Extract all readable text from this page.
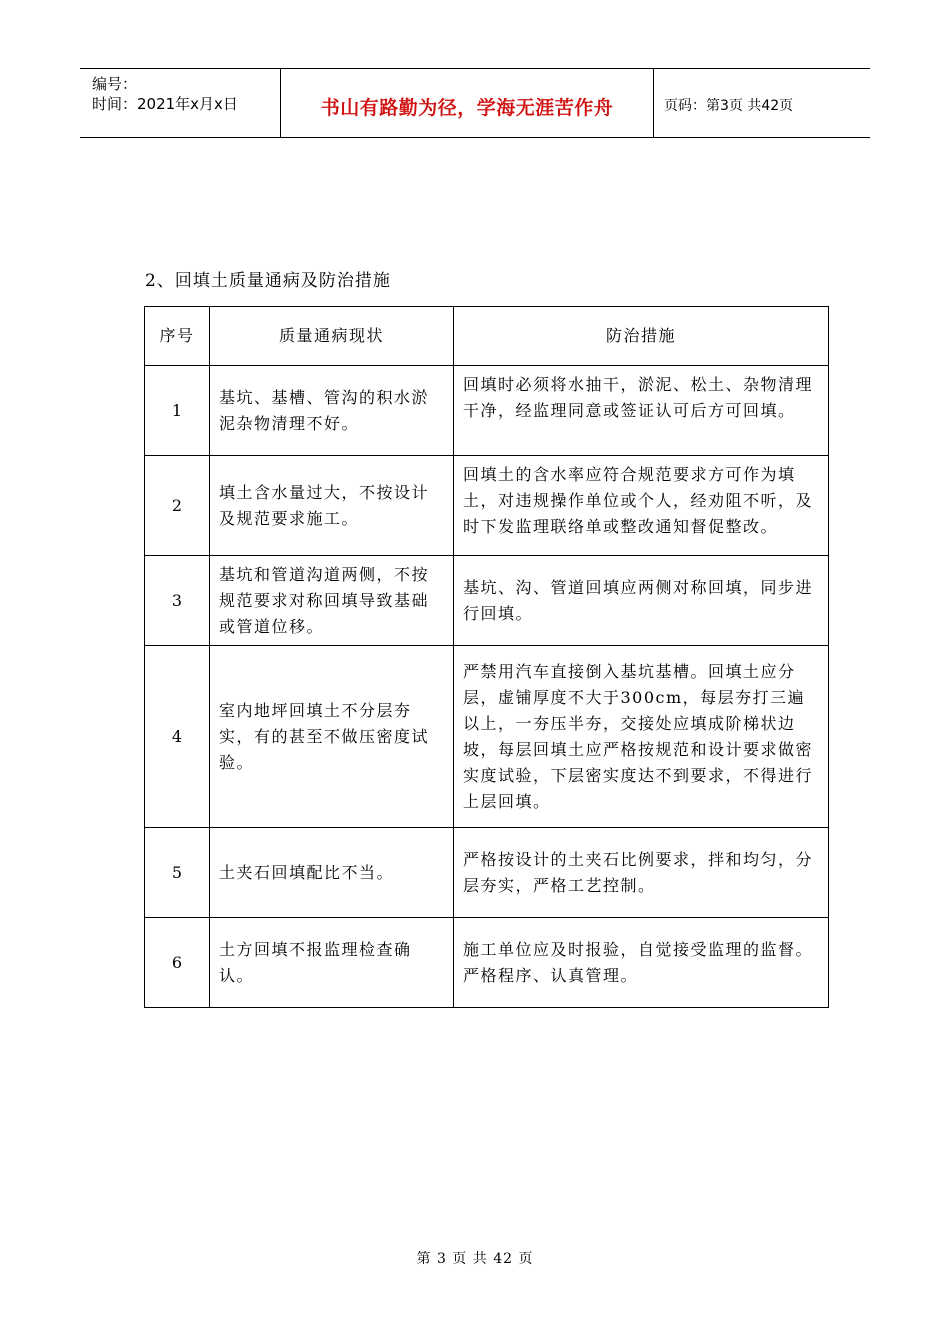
编号：
时间：2021年x月x日	书山有路勤为径，学海无涯苦作舟	页码：第3页 共42页
2、回填土质量通病及防治措施
序号	质量通病现状	防治措施
1	基坑、基槽、管沟的积水淤泥杂物清理不好。	回填时必须将水抽干，淤泥、松土、杂物清理干净，经监理同意或签证认可后方可回填。
2	填土含水量过大，不按设计及规范要求施工。	回填土的含水率应符合规范要求方可作为填土，对违规操作单位或个人，经劝阻不听，及时下发监理联络单或整改通知督促整改。
3	基坑和管道沟道两侧，不按规范要求对称回填导致基础或管道位移。	基坑、沟、管道回填应两侧对称回填，同步进行回填。
4	室内地坪回填土不分层夯实，有的甚至不做压密度试验。	严禁用汽车直接倒入基坑基槽。回填土应分层，虚铺厚度不大于300cm，每层夯打三遍以上，一夯压半夯，交接处应填成阶梯状边坡，每层回填土应严格按规范和设计要求做密实度试验，下层密实度达不到要求，不得进行上层回填。
5	土夹石回填配比不当。	严格按设计的土夹石比例要求，拌和均匀，分层夯实，严格工艺控制。
6	土方回填不报监理检查确认。	施工单位应及时报验，自觉接受监理的监督。严格程序、认真管理。
第 3 页 共 42 页
